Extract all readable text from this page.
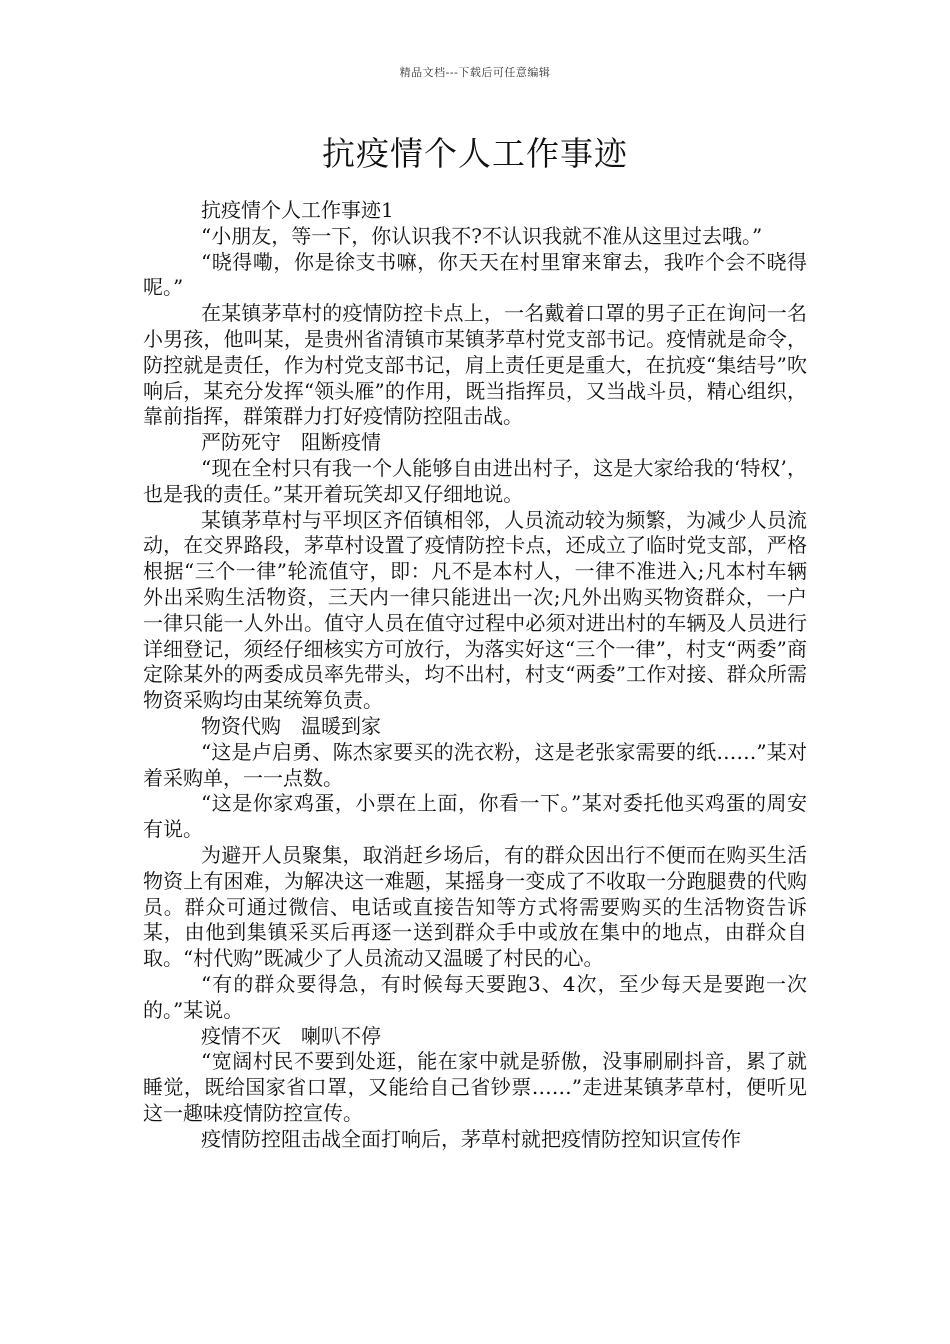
精品文档---下载后可任意编辑
抗疫情个人工作事迹

抗疫情个人工作事迹1

“小朋友，等一下，你认识我不?不认识我就不准从这里过去哦。”

“晓得嘞，你是徐支书嘛，你天天在村里窜来窜去，我咋个会不晓得呢。”

在某镇茅草村的疫情防控卡点上，一名戴着口罩的男子正在询问一名小男孩，他叫某，是贵州省清镇市某镇茅草村党支部书记。疫情就是命令，防控就是责任，作为村党支部书记，肩上责任更是重大，在抗疫“集结号”吹响后，某充分发挥“领头雁”的作用，既当指挥员，又当战斗员，精心组织，靠前指挥，群策群力打好疫情防控阻击战。

严防死守　阻断疫情

“现在全村只有我一个人能够自由进出村子，这是大家给我的‘特权’，也是我的责任。”某开着玩笑却又仔细地说。

某镇茅草村与平坝区齐佰镇相邻，人员流动较为频繁，为减少人员流动，在交界路段，茅草村设置了疫情防控卡点，还成立了临时党支部，严格根据“三个一律”轮流值守，即：凡不是本村人，一律不准进入;凡本村车辆外出采购生活物资，三天内一律只能进出一次;凡外出购买物资群众，一户一律只能一人外出。值守人员在值守过程中必须对进出村的车辆及人员进行详细登记，须经仔细核实方可放行，为落实好这“三个一律”，村支“两委”商定除某外的两委成员率先带头，均不出村，村支“两委”工作对接、群众所需物资采购均由某统筹负责。

物资代购　温暖到家

“这是卢启勇、陈杰家要买的洗衣粉，这是老张家需要的纸……”某对着采购单，一一点数。

“这是你家鸡蛋，小票在上面，你看一下。”某对委托他买鸡蛋的周安有说。

为避开人员聚集，取消赶乡场后，有的群众因出行不便而在购买生活物资上有困难，为解决这一难题，某摇身一变成了不收取一分跑腿费的代购员。群众可通过微信、电话或直接告知等方式将需要购买的生活物资告诉某，由他到集镇采买后再逐一送到群众手中或放在集中的地点，由群众自取。“村代购”既减少了人员流动又温暖了村民的心。

“有的群众要得急，有时候每天要跑3、4次，至少每天是要跑一次的。”某说。

疫情不灭　喇叭不停

“宽阔村民不要到处逛，能在家中就是骄傲，没事刷刷抖音，累了就睡觉，既给国家省口罩，又能给自己省钞票……”走进某镇茅草村，便听见这一趣味疫情防控宣传。

疫情防控阻击战全面打响后，茅草村就把疫情防控知识宣传作
